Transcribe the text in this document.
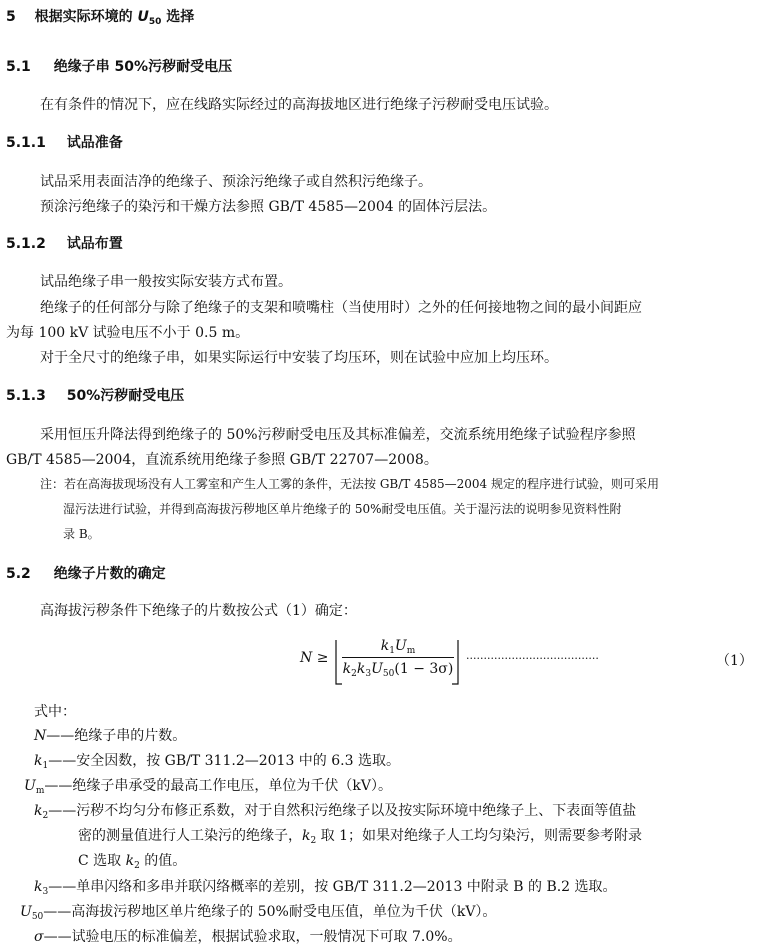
5 根据实际环境的 $U_{50}$ 选择
5.1 绝缘子串 50%污秽耐受电压
在有条件的情况下，应在线路实际经过的高海拔地区进行绝缘子污秽耐受电压试验。
5.1.1 试品准备
试品采用表面洁净的绝缘子、预涂污绝缘子或自然积污绝缘子。
预涂污绝缘子的染污和干燥方法参照 GB/T 4585—2004 的固体污层法。
5.1.2 试品布置
试品绝缘子串一般按实际安装方式布置。
绝缘子的任何部分与除了绝缘子的支架和喷嘴柱（当使用时）之外的任何接地物之间的最小间距应
为每 100 kV 试验电压不小于 0.5 m。
对于全尺寸的绝缘子串，如果实际运行中安装了均压环，则在试验中应加上均压环。
5.1.3 50%污秽耐受电压
采用恒压升降法得到绝缘子的 50%污秽耐受电压及其标准偏差，交流系统用绝缘子试验程序参照
GB/T 4585—2004，直流系统用绝缘子参照 GB/T 22707—2008。
注：若在高海拔现场没有人工雾室和产生人工雾的条件，无法按 GB/T 4585—2004 规定的程序进行试验，则可采用
湿污法进行试验，并得到高海拔污秽地区单片绝缘子的 50%耐受电压值。关于湿污法的说明参见资料性附
录 B。
5.2 绝缘子片数的确定
高海拔污秽条件下绝缘子的片数按公式（1）确定：
$N \ge \frac{k_1U_m}{k_2k_3U_{50}(1 - 3\sigma)}$ ······································	（1）
式中：
N——绝缘子串的片数。
$k_1——$安全因数，按 GB/T 311.2—2013 中的 6.3 选取。
$U_m——$绝缘子串承受的最高工作电压，单位为千伏（kV）。
$k_2——$污秽不均匀分布修正系数，对于自然积污绝缘子以及按实际环境中绝缘子上、下表面等值盐
密的测量值进行人工染污的绝缘子，$k_2$ 取 1；如果对绝缘子人工均匀染污，则需要参考附录
C 选取 $k_2$ 的值。
$k_3——$单串闪络和多串并联闪络概率的差别，按 GB/T 311.2—2013 中附录 B 的 B.2 选取。
$U_{50}——$高海拔污秽地区单片绝缘子的 50%耐受电压值，单位为千伏（kV）。
σ——试验电压的标准偏差，根据试验求取，一般情况下可取 7.0%。
